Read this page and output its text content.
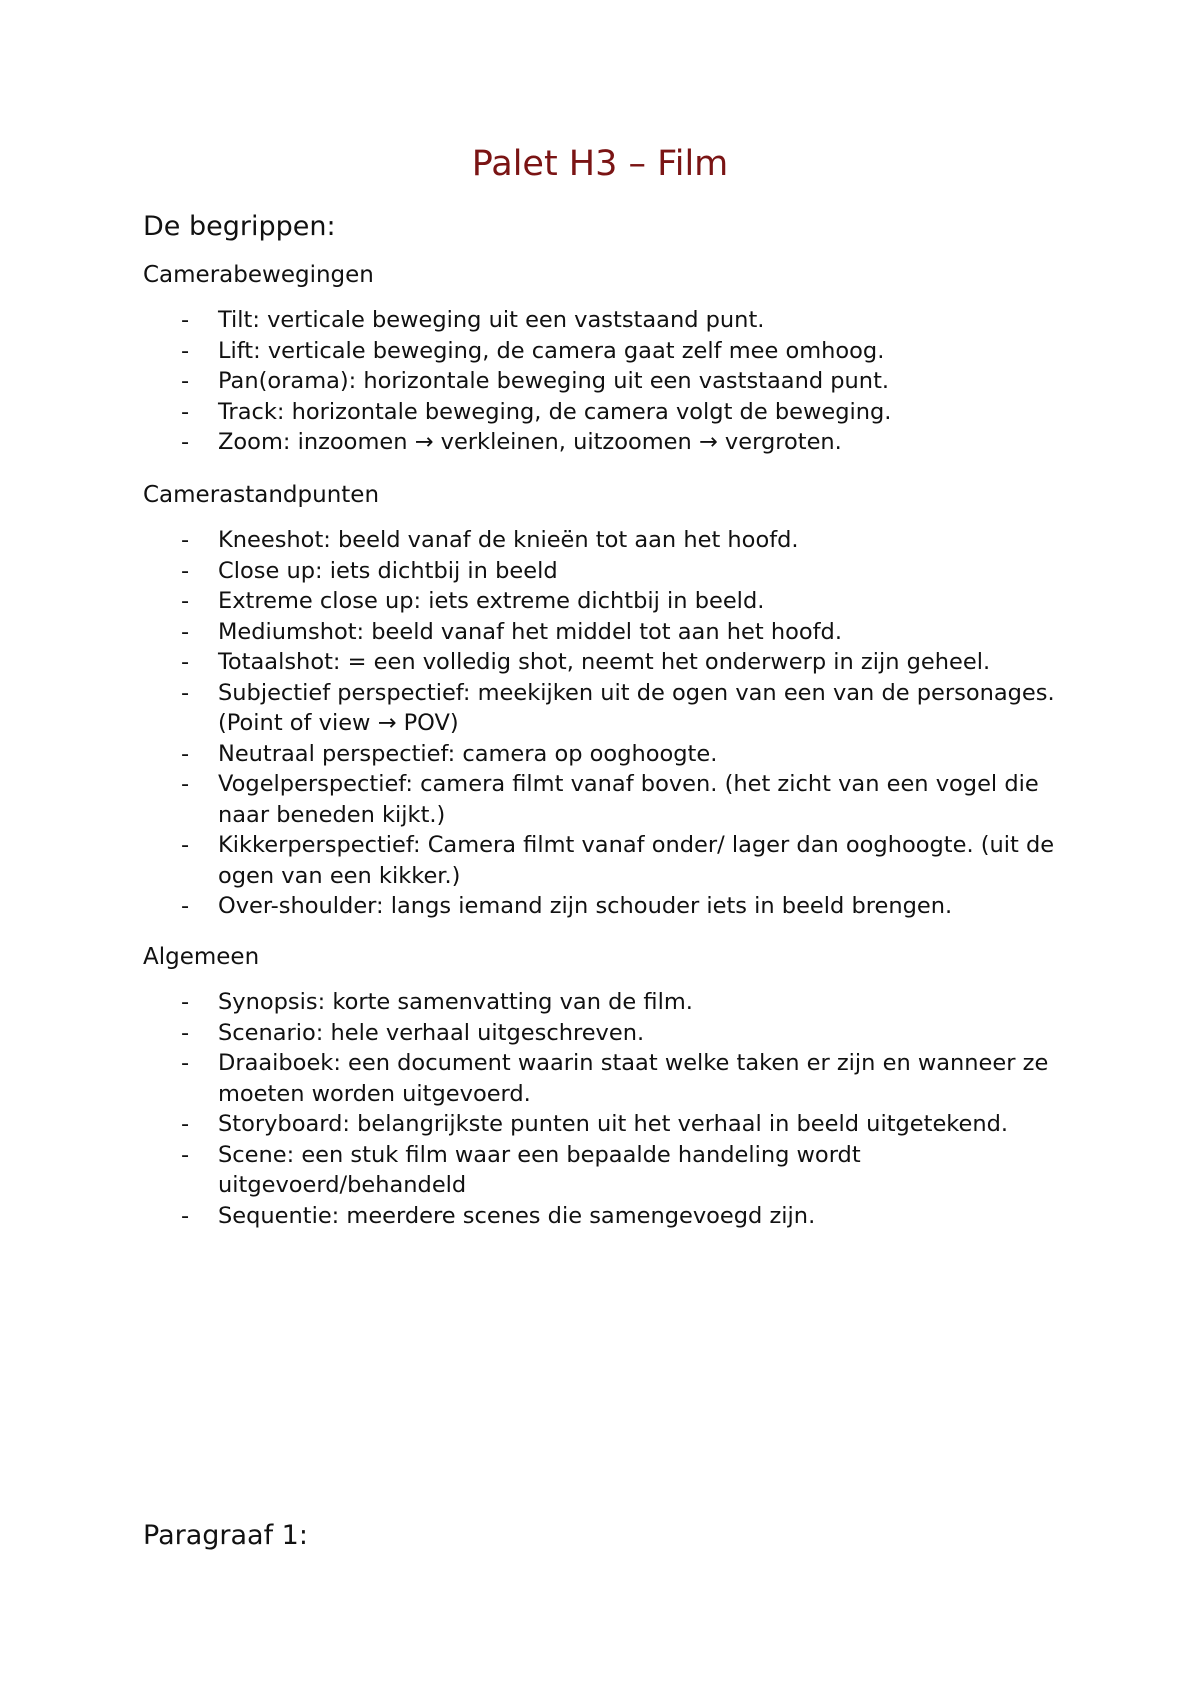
Palet H3 – Film
De begrippen:
Camerabewegingen
- Tilt: verticale beweging uit een vaststaand punt.
- Lift: verticale beweging, de camera gaat zelf mee omhoog.
- Pan(orama): horizontale beweging uit een vaststaand punt.
- Track: horizontale beweging, de camera volgt de beweging.
- Zoom: inzoomen → verkleinen, uitzoomen → vergroten.
Camerastandpunten
- Kneeshot: beeld vanaf de knieën tot aan het hoofd.
- Close up: iets dichtbij in beeld
- Extreme close up: iets extreme dichtbij in beeld.
- Mediumshot: beeld vanaf het middel tot aan het hoofd.
- Totaalshot: = een volledig shot, neemt het onderwerp in zijn geheel.
- Subjectief perspectief: meekijken uit de ogen van een van de personages. (Point of view → POV)
- Neutraal perspectief: camera op ooghoogte.
- Vogelperspectief: camera filmt vanaf boven. (het zicht van een vogel die naar beneden kijkt.)
- Kikkerperspectief: Camera filmt vanaf onder/ lager dan ooghoogte. (uit de ogen van een kikker.)
- Over-shoulder: langs iemand zijn schouder iets in beeld brengen.
Algemeen
- Synopsis: korte samenvatting van de film.
- Scenario: hele verhaal uitgeschreven.
- Draaiboek: een document waarin staat welke taken er zijn en wanneer ze moeten worden uitgevoerd.
- Storyboard: belangrijkste punten uit het verhaal in beeld uitgetekend.
- Scene: een stuk film waar een bepaalde handeling wordt uitgevoerd/behandeld
- Sequentie: meerdere scenes die samengevoegd zijn.
Paragraaf 1:
